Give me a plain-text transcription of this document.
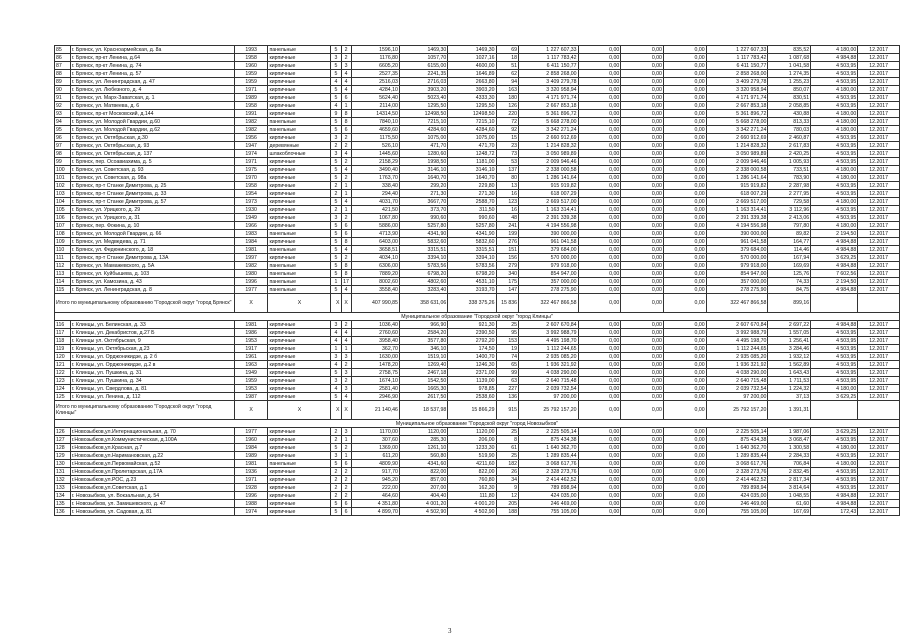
85	г. Брянск, ул. Красноармейская, д. 8а	1993	панельные	5	2	1596,10	1469,30	1469,30	69	1 227 607,33	0,00	0,00	0,00	1 227 607,33	835,52	4 180,00	12.2017
86	г. Брянск, пр-кт Ленина, д.64	1958	кирпичные	3	2	1176,80	1057,70	1027,16	18	1 117 783,42	0,00	0,00	0,00	1 117 783,42	1 087,68	4 984,88	12.2017
87	г. Брянск, пр-кт Ленина, д. 74	1960	кирпичные	5	3	6605,20	6155,00	4600,00	51	6 411 150,77	0,00	0,00	0,00	6 411 150,77	1 041,58	4 503,95	12.2017
88	г. Брянск, пр-кт Ленина, д. 57	1959	кирпичные	5	4	2527,35	2241,35	1646,89	62	2 858 268,00	0,00	0,00	0,00	2 858 268,00	1 274,35	4 503,95	12.2017
89	г. Брянск, ул. Ленинградская, д. 47	1959	кирпичные	4	4	2516,03	2716,03	2663,80	94	3 409 279,78	0,00	0,00	0,00	3 409 279,78	1 255,23	4 503,95	12.2017
90	г. Брянск, ул. Любезного, д. 4	1971	кирпичные	5	4	4284,10	3903,20	3903,20	163	3 320 958,94	0,00	0,00	0,00	3 320 958,94	850,07	4 180,00	12.2017
91	г. Брянск, ул. Марх-Заватская, д. 1	1989	кирпичные	5	6	5624,40	5023,40	4333,30	180	4 171 971,74	0,00	0,00	0,00	4 171 971,74	830,51	4 503,95	12.2017
92	г. Брянск, ул. Матвеева, д. 6	1958	кирпичные	4	1	2114,00	1295,50	1295,50	126	2 667 853,18	0,00	0,00	0,00	2 667 853,18	2 058,85	4 503,95	12.2017
93	г. Брянск, пр-кт Московский, д.144	1991	кирпичные	9	8	14314,50	12498,50	12498,50	220	5 361 896,72	0,00	0,00	0,00	5 361 896,72	430,88	4 180,00	12.2017
94	г. Брянск, ул. Молодой Гвардии, д.60	1982	панельные	5	8	7840,10	7215,10	7215,10	72	5 668 278,00	0,00	0,00	0,00	5 668 278,00	813,33	4 180,00	12.2017
95	г. Брянск, ул. Молодой Гвардии, д.62	1982	панельные	5	6	4659,60	4284,60	4284,60	92	3 342 271,24	0,00	0,00	0,00	3 342 271,24	780,03	4 180,00	12.2017
96	г. Брянск, ул. Октябрьская, д.30	1956	кирпичные	3	2	1175,50	1075,00	1075,00	15	2 660 912,69	0,00	0,00	0,00	2 660 912,69	2 460,87	4 503,95	12.2017
97	г. Брянск, ул. Октябрьская, д. 93	1947	деревянные	2	2	526,10	471,70	471,70	23	1 214 828,32	0,00	0,00	0,00	1 214 828,32	2 617,83	4 503,95	12.2017
98	г. Брянск, ул. Октябрьская, д. 137	1974	шлакоблочные	3	4	1445,60	1280,60	1248,72	73	3 050 989,89	0,00	0,00	0,00	3 050 989,89	2 420,25	4 503,95	12.2017
99	г. Брянск, пер. Осоавиахима, д. 5	1971	кирпичные	5	2	2158,29	1998,50	1181,00	53	2 009 946,46	0,00	0,00	0,00	2 009 946,46	1 005,93	4 503,95	12.2017
100	г. Брянск, ул. Советская, д. 93	1975	кирпичные	5	4	3490,40	3146,10	3146,10	137	2 338 000,58	0,00	0,00	0,00	2 338 000,58	733,51	4 180,00	12.2017
101	г. Брянск, ул. Советская, д. 98а	1970	кирпичные	5	2	1763,70	1640,70	1640,70	80	1 286 141,64	0,00	0,00	0,00	1 286 141,64	783,90	4 180,00	12.2017
102	г. Брянск, пр-т Станке Димитрова, д. 25	1958	кирпичные	2	1	338,40	299,20	229,80	13	915 919,82	0,00	0,00	0,00	915 919,82	2 287,98	4 503,95	12.2017
103	г. Брянск, пр-т Станке Димитрова, д. 33	1954	кирпичные	2	1	294,40	271,30	271,30	16	618 007,29	0,00	0,00	0,00	618 007,29	2 277,95	4 503,95	12.2017
104	г. Брянск, пр-т Станке Димитрова, д. 57	1973	кирпичные	5	4	4031,70	3667,70	2588,70	123	2 669 517,00	0,00	0,00	0,00	2 669 517,00	729,58	4 180,00	12.2017
105	г. Брянск, ул. Урицкого, д. 29	1930	кирпичные	2	1	421,50	373,70	311,50	16	1 163 314,41	0,00	0,00	0,00	1 163 314,41	3 112,96	4 503,95	12.2017
106	г. Брянск, ул. Урицкого, д. 31	1949	кирпичные	3	2	1067,80	990,60	990,60	48	2 391 339,38	0,00	0,00	0,00	2 391 339,38	2 413,06	4 503,95	12.2017
107	г. Брянск, пер. Фокина, д. 10	1966	кирпичные	5	6	5886,00	5257,80	5257,80	241	4 194 556,98	0,00	0,00	0,00	4 194 556,98	797,80	4 180,00	12.2017
108	г. Брянск, ул. Молодой Гвардии, д. 66	1983	панельные	5	6	4713,90	4341,90	4341,90	199	390 000,00	0,00	0,00	0,00	390 000,00	89,82	2 194,50	12.2017
109	г. Брянск, ул. Медведева, д. 71	1984	кирпичные	5	8	6403,00	5832,60	5832,60	276	961 041,58	0,00	0,00	0,00	961 041,58	164,77	4 984,88	12.2017
110	г. Брянск, ул. Федюнинского, д. 18	1981	панельные	5	4	3658,51	3315,51	3315,51	151	379 684,00	0,00	0,00	0,00	379 684,00	114,46	4 984,88	12.2017
111	г. Брянск, пр-т Станке Димитрова д. 13А	1997	кирпичные	5	2	4034,10	3394,10	3394,10	156	570 000,00	0,00	0,00	0,00	570 000,00	167,94	3 629,25	12.2017
112	г. Брянск, ул. Мамажевского, д. 5А	1982	панельные	5	8	6306,00	5783,56	5783,56	279	979 918,00	0,00	0,00	0,00	979 918,00	169,69	4 984,88	12.2017
113	г. Брянск, ул. Куйбышева, д. 103	1980	панельные	5	8	7889,20	6798,20	6798,20	340	854 947,00	0,00	0,00	0,00	854 947,00	125,76	7 602,56	12.2017
114	г. Брянск, ул. Камозина, д. 43	1996	панельные	1	17	8002,60	4802,60	4531,10	175	357 000,00	0,00	0,00	0,00	357 000,00	74,33	2 194,50	12.2017
115	г. Брянск, ул. Ленинградская, д. 8	1977	панельные	5	4	3558,40	3283,40	3193,70	147	278 275,90	0,00	0,00	0,00	278 275,90	84,75	4 984,88	12.2017
Итого по муниципальному образованию "Городской округ "город Брянск"		X	X	X	X	407 990,85	358 631,06	338 375,26	15 836	322 467 866,58	0,00	0,00	0,00	322 467 866,58	899,16		
Муниципальное образование "Городской округ "город Клинцы"																	
116	г. Клинцы, ул. Белинская, д. 33	1981	кирпичные	3	2	1036,40	966,90	921,30	25	2 607 670,84	0,00	0,00	0,00	2 607 670,84	2 697,22	4 984,88	12.2017
117	г. Клинцы, ул. Декабристов, д.27 Б	1986	кирпичные	4	4	2760,60	2584,20	2390,50	95	3 992 988,79	0,00	0,00	0,00	3 992 988,79	1 557,05	4 503,95	12.2017
118	г. Клинцы ул. Октябрьская, 9	1953	кирпичные	4	4	3958,40	3577,80	2792,20	153	4 495 198,70	0,00	0,00	0,00	4 495 198,70	1 256,41	4 503,95	12.2017
119	г. Клинцы, ул. Октябрьская, д.23	1917	кирпичные	1	1	362,70	346,10	174,50	19	1 112 244,65	0,00	0,00	0,00	1 112 244,65	3 284,46	4 503,95	12.2017
120	г. Клинцы, ул. Орджоникидзе, д. 2 б	1961	кирпичные	3	3	1630,00	1519,10	1400,70	74	2 935 085,20	0,00	0,00	0,00	2 935 085,20	1 932,12	4 503,95	12.2017
121	г. Клинцы, ул. Орджоникидзе, д.2 в	1963	кирпичные	4	2	1478,20	1269,40	1246,30	65	1 936 321,92	0,00	0,00	0,00	1 936 321,92	1 562,89	4 503,95	12.2017
122	г. Клинцы, ул. Пушкина, д. 31	1949	кирпичные	5	3	2758,75	2467,18	2371,00	99	4 038 290,00	0,00	0,00	0,00	4 038 290,00	1 643,43	4 503,95	12.2017
123	г. Клинцы, ул. Пушкина, д. 34	1959	кирпичные	3	2	1674,10	1542,50	1139,00	63	2 640 715,48	0,00	0,00	0,00	2 640 715,48	1 711,53	4 503,95	12.2017
124	г. Клинцы, ул. Свердлова, д. 81	1953	кирпичные	4	3	2581,40	1665,30	978,85	227	2 039 732,54	0,00	0,00	0,00	2 039 732,54	1 224,32	4 180,00	12.2017
125	г. Клинцы, ул. Ленина, д. 112	1987	кирпичные	5	4	2946,90	2617,50	2538,60	136	97 200,00	0,00	0,00	0,00	97 200,00	37,13	3 629,25	12.2017
Итого по муниципальному образованию "Городской округ "город Клинцы"		X	X	X	X	21 140,46	18 537,98	15 866,29	915	25 792 157,20	0,00	0,00	0,00	25 792 157,20	1 391,31		
Муниципальное образование "Городской округ "город Новозыбков"																	
126	г.Новозыбков,ул.Интернациональная, д. 70	1977	кирпичные	2	3	1170,00	1120,00	1120,00	25	2 225 505,14	0,00	0,00	0,00	2 225 505,14	1 987,06	3 629,25	12.2017
127	г.Новозыбков,ул.Коммунистическая, д.100А	1960	кирпичные	2	1	307,60	285,30	206,00	8	875 434,38	0,00	0,00	0,00	875 434,38	3 068,47	4 503,95	12.2017
128	г.Новозыбков,ул.Красная, д.7	1984	кирпичные	5	2	1369,00	1261,10	1233,30	61	1 640 362,70	0,00	0,00	0,00	1 640 362,70	1 300,58	4 180,00	12.2017
129	г.Новозыбков,ул.Наримановская, д.22	1989	кирпичные	3	1	611,20	560,80	519,90	25	1 289 835,44	0,00	0,00	0,00	1 289 835,44	2 284,33	4 503,95	12.2017
130	г.Новозыбков,ул.Первомайская, д.52	1981	панельные	5	6	4809,90	4341,60	4211,60	182	3 068 617,76	0,00	0,00	0,00	3 068 617,76	706,84	4 180,00	12.2017
131	г.Новозыбков,ул.Пролетарская, д.17А	1936	кирпичные	2	2	917,70	822,00	822,00	26	2 328 273,76	0,00	0,00	0,00	2 328 273,76	2 832,45	4 503,95	12.2017
132	г.Новозыбков,ул.РОС, д.23	1971	кирпичные	2	2	945,20	857,00	760,80	34	2 414 462,52	0,00	0,00	0,00	2 414 462,52	2 817,34	4 503,95	12.2017
133	г.Новозыбков,ул.Советская, д.1	1928	кирпичные	2	2	222,00	207,00	162,30	9	789 898,94	0,00	0,00	0,00	789 898,94	3 814,64	4 503,95	12.2017
134	г. Новозыбков, ул. Вокзальная, д. 54	1996	кирпичные	2	2	464,60	404,40	111,80	12	424 035,00	0,00	0,00	0,00	424 035,00	1 048,55	4 984,88	12.2017
135	г. Новозыбков, ул. Замишевского, д. 47	1988	кирпичные	5	6	4 351,80	4 001,20	4 001,20	205	246 469,00	0,00	0,00	0,00	246 469,00	61,60	4 984,88	12.2017
136	г. Новозыбков, ул. Садовая, д. 81	1974	кирпичные	5	6	4 899,70	4 502,90	4 502,90	188	755 105,00	0,00	0,00	0,00	755 105,00	167,69	172,43	12.2017
3
